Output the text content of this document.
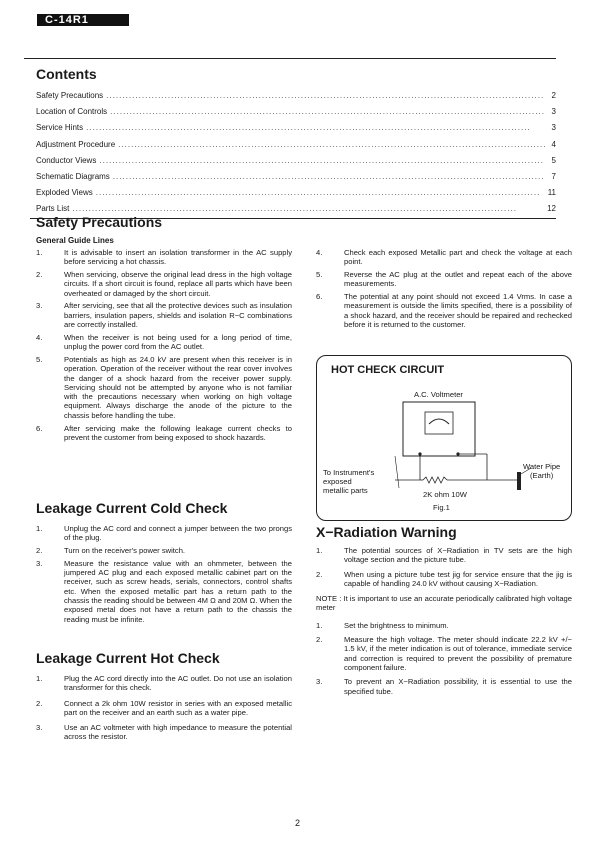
C-14R1
Contents
Safety Precautions . . .	2
Location of Controls . . .	3
Service Hints . . .	3
Adjustment Procedure . . .	4
Conductor Views . . .	5
Schematic Diagrams . . .	7
Exploded Views . . .	11
Parts List . . .	12
Safety Precautions
General Guide Lines
1.	It is advisable to insert an isolation transformer in the AC supply before servicing a hot chassis.
2.	When servicing, observe the original lead dress in the high voltage circuits. If a short circuit is found, replace all parts which have been overheated or damaged by the short circuit.
3.	After servicing, see that all the protective devices such as insulation barriers, insulation papers, shields and isolation R−C combinations are correctly installed.
4.	When the receiver is not being used for a long period of time, unplug the power cord from the AC outlet.
5.	Potentials as high as 24.0 kV are present when this receiver is in operation. Operation of the receiver without the rear cover involves the danger of a shock hazard from the receiver power supply. Servicing should not be attempted by anyone who is not familiar with the precautions necessary when working on high voltage equipment. Always discharge the anode of the picture to the chassis before handling the tube.
6.	After servicing make the following leakage current checks to prevent the customer from being exposed to shock hazards.
4.	Check each exposed Metallic part and check the voltage at each point.
5.	Reverse the AC plug at the outlet and repeat each of the above measurements.
6.	The potential at any point should not exceed 1.4 Vrms. In case a measurement is outside the limits specified, there is a possibility of a shock hazard, and the receiver should be repaired and rechecked before it is returned to the customer.
HOT CHECK CIRCUIT
A.C. Voltmeter
To Instrument's
exposed
metallic parts	2K ohm 10W
Water Pipe
(Earth)
Fig.1
Leakage Current Cold Check
1.	Unplug the AC cord and connect a jumper between the two prongs of the plug.
2.	Turn on the receiver's power switch.
3.	Measure the resistance value with an ohmmeter, between the jumpered AC plug and each exposed metallic cabinet part on the receiver, such as screw heads, serials, connectors, control shafts etc. When the exposed metallic part has a return path to the chassis the reading should be between 4M Ω and 20M Ω. When the exposed metal does not have a return path to the chassis the reading must be infinite.
Leakage Current Hot Check
1.	Plug the AC cord directly into the AC outlet. Do not use an isolation transformer for this check.
2.	Connect a 2k ohm 10W resistor in series with an exposed metallic part on the receiver and an earth such as a water pipe.
3.	Use an AC voltmeter with high impedance to measure the potential across the resistor.
X−Radiation Warning
1.	The potential sources of X−Radiation in TV sets are the high voltage section and the picture tube.
2.	When using a picture tube test jig for service ensure that the jig is capable of handling 24.0 kV without causing X−Radiation.
NOTE : It is important to use an accurate periodically calibrated high voltage meter
1.	Set the brightness to minimum.
2.	Measure the high voltage. The meter should indicate 22.2 kV +/− 1.5 kV, if the meter indication is out of tolerance, immediate service and correction is required to prevent the possibility of premature component failure.
3.	To prevent an X−Radiation possibility, it is essential to use the specified tube.
2
